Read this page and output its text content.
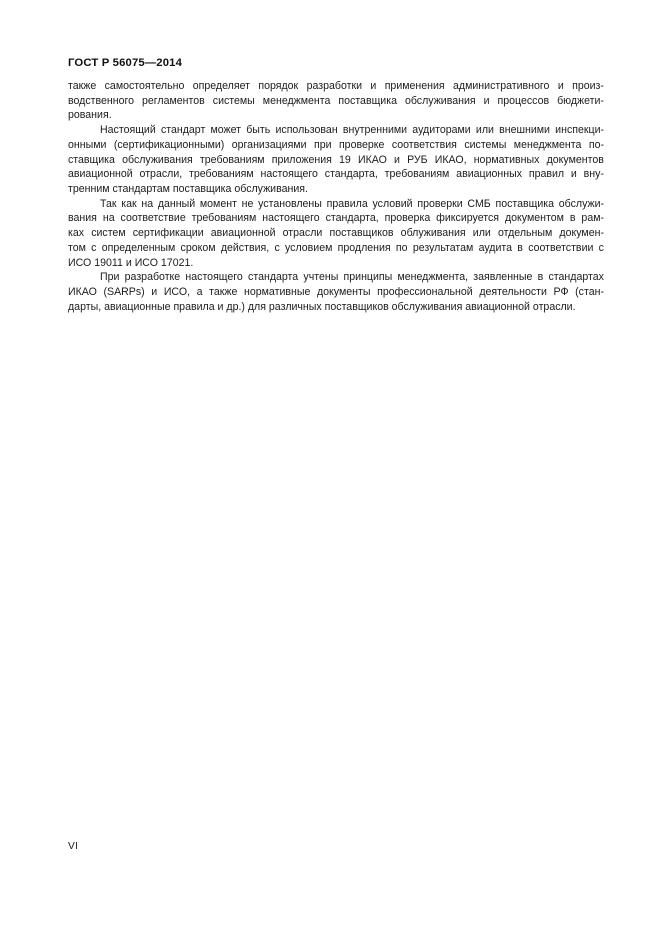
ГОСТ Р 56075—2014

также самостоятельно определяет порядок разработки и применения административного и произ-
водственного регламентов системы менеджмента поставщика обслуживания и процессов бюджети-
рования.

Настоящий стандарт может быть использован внутренними аудиторами или внешними инспекци-
онными (сертификационными) организациями при проверке соответствия системы менеджмента по-
ставщика обслуживания требованиям приложения 19 ИКАО и РУБ ИКАО, нормативных документов
авиационной отрасли, требованиям настоящего стандарта, требованиям авиационных правил и вну-
тренним стандартам поставщика обслуживания.

Так как на данный момент не установлены правила условий проверки СМБ поставщика обслужи-
вания на соответствие требованиям настоящего стандарта, проверка фиксируется документом в рам-
ках систем сертификации авиационной отрасли поставщиков облуживания или отдельным докумен-
том с определенным сроком действия, с условием продления по результатам аудита в соответствии с
ИСО 19011 и ИСО 17021.

При разработке настоящего стандарта учтены принципы менеджмента, заявленные в стандартах
ИКАО (SARPs) и ИСО, а также нормативные документы профессиональной деятельности РФ (стан-
дарты, авиационные правила и др.) для различных поставщиков обслуживания авиационной отрасли.

VI
